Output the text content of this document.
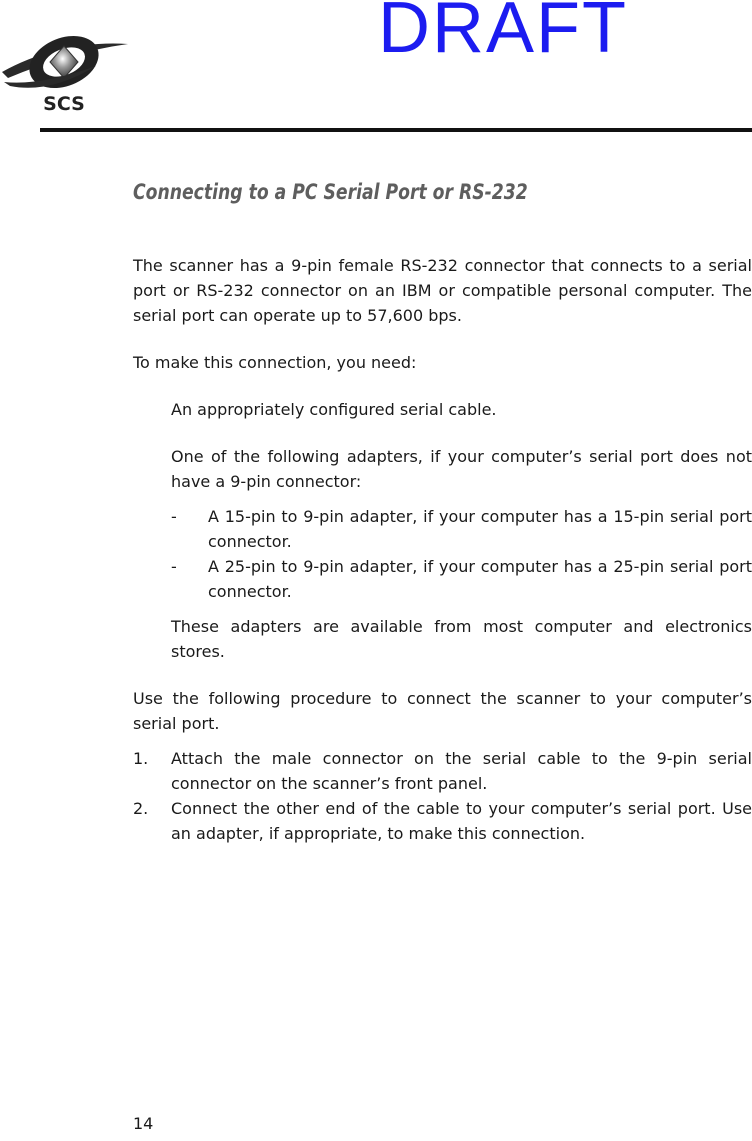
SCS
DRAFT
Connecting to a PC Serial Port or RS-232

The scanner has a 9-pin female RS-232 connector that connects to a serial port or RS-232 connector on an IBM or compatible personal computer. The serial port can operate up to 57,600 bps.

To make this connection, you need:

An appropriately configured serial cable.

One of the following adapters, if your computer’s serial port does not have a 9-pin connector:

- A 15-pin to 9-pin adapter, if your computer has a 15-pin serial port connector.
- A 25-pin to 9-pin adapter, if your computer has a 25-pin serial port connector.

These adapters are available from most computer and electronics stores.

Use the following procedure to connect the scanner to your computer’s serial port.

1. Attach the male connector on the serial cable to the 9-pin serial connector on the scanner’s front panel.
2. Connect the other end of the cable to your computer’s serial port. Use an adapter, if appropriate, to make this connection.
14
